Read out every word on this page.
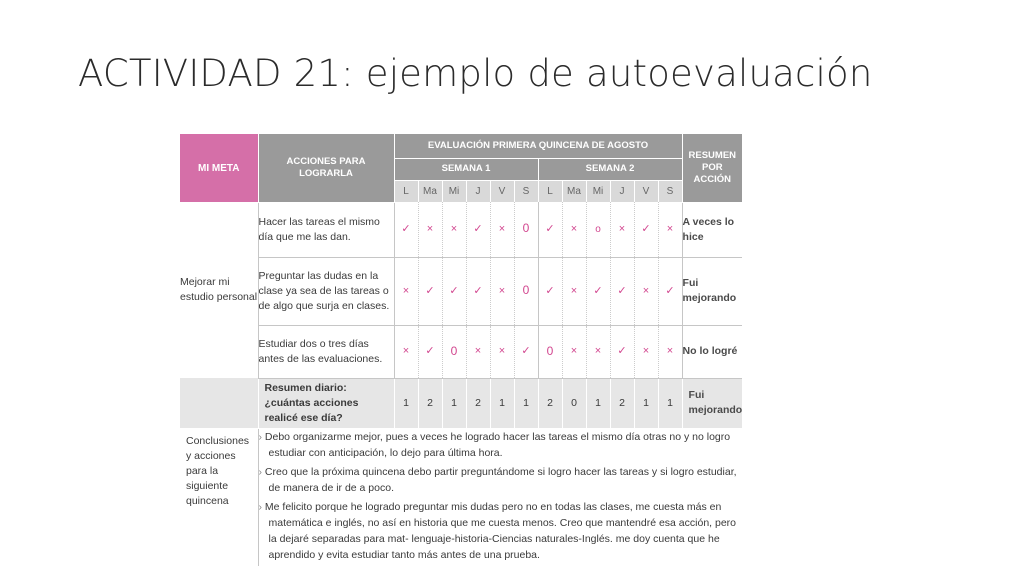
ACTIVIDAD 21: ejemplo de autoevaluación
MI META	ACCIONES PARA LOGRARLA	EVALUACIÓN PRIMERA QUINCENA DE AGOSTO												RESUMEN POR ACCIÓN
		SEMANA 1						SEMANA 2						
		L	Ma	Mi	J	V	S	L	Ma	Mi	J	V	S	
Mejorar mi estudio personal	Hacer las tareas el mismo día que me las dan.	✓	×	×	✓	×	0	✓	×	o	×	✓	×	A veces lo hice
	Preguntar las dudas en la clase ya sea de las tareas o de algo que surja en clases.	×	✓	✓	✓	×	0	✓	×	✓	✓	×	✓	Fui mejorando
	Estudiar dos o tres días antes de las evaluaciones.	×	✓	0	×	×	✓	0	×	×	✓	×	×	No lo logré
	Resumen diario: ¿cuántas acciones realicé ese día?	1	2	1	2	1	1	2	0	1	2	1	1	Fui mejorando
Conclusiones y acciones para la siguiente quincena	› Debo organizarme mejor, pues a veces he logrado hacer las tareas el mismo día otras no y no logro estudiar con anticipación, lo dejo para última hora.
› Creo que la próxima quincena debo partir preguntándome si logro hacer las tareas y si logro estudiar, de manera de ir de a poco.
› Me felicito porque he logrado preguntar mis dudas pero no en todas las clases, me cuesta más en matemática e inglés, no así en historia que me cuesta menos. Creo que mantendré esa acción, pero la dejaré separadas para mat- lenguaje-historia-Ciencias naturales-Inglés. me doy cuenta que he aprendido y evita estudiar tanto más antes de una prueba.													
